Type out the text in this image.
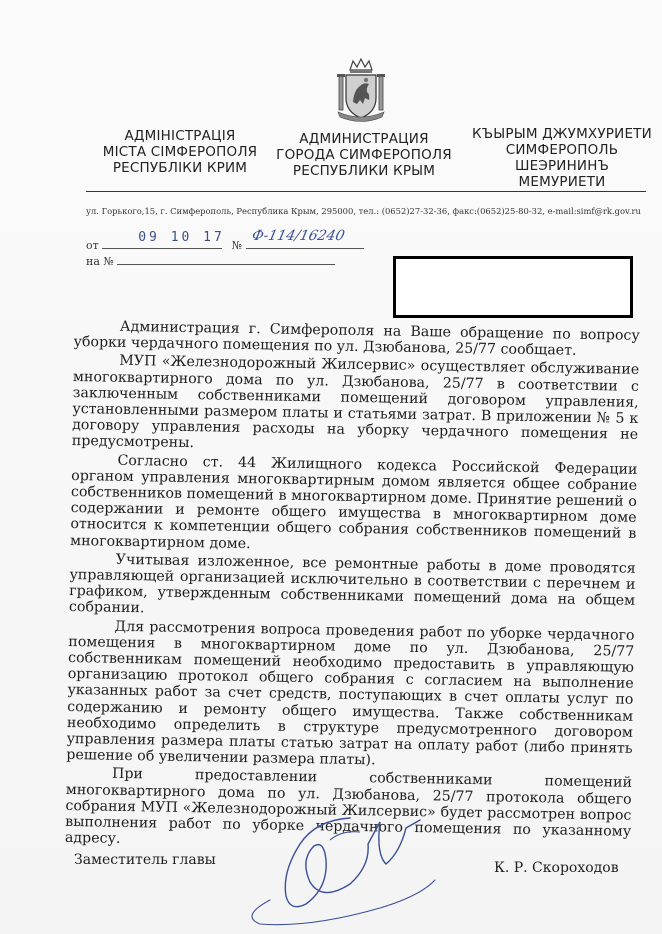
АДМІНІСТРАЦІЯ
МІСТА СІМФЕРОПОЛЯ
РЕСПУБЛІКИ КРИМ
АДМИНИСТРАЦИЯ
ГОРОДА СИМФЕРОПОЛЯ
РЕСПУБЛИКИ КРЫМ
КЪЫРЫМ ДЖУМХУРИЕТИ
СИМФЕРОПОЛЬ
ШЕЭРИНИНЪ
МЕМУРИЕТИ
ул. Горького,15, г. Симферополь, Республика Крым, 295000, тел.: (0652)27-32-36, факс:(0652)25-80-32, e-mail:simf@rk.gov.ru
от
09 10 17
№
Ф-114/16240
на №

Администрация г. Симферополя на Ваше обращение по вопросу уборки чердачного помещения по ул. Дзюбанова, 25/77 сообщает.

МУП «Железнодорожный Жилсервис» осуществляет обслуживание многоквартирного дома по ул. Дзюбанова, 25/77 в соответствии с заключенным собственниками помещений договором управления, установленными размером платы и статьями затрат. В приложении № 5 к договору управления расходы на уборку чердачного помещения не предусмотрены.

Согласно ст. 44 Жилищного кодекса Российской Федерации органом управления многоквартирным домом является общее собрание собственников помещений в многоквартирном доме. Принятие решений о содержании и ремонте общего имущества в многоквартирном доме относится к компетенции общего собрания собственников помещений в многоквартирном доме.

Учитывая изложенное, все ремонтные работы в доме проводятся управляющей организацией исключительно в соответствии с перечнем и графиком, утвержденным собственниками помещений дома на общем собрании.

Для рассмотрения вопроса проведения работ по уборке чердачного помещения в многоквартирном доме по ул. Дзюбанова, 25/77 собственникам помещений необходимо предоставить в управляющую организацию протокол общего собрания с согласием на выполнение указанных работ за счет средств, поступающих в счет оплаты услуг по содержанию и ремонту общего имущества. Также собственникам необходимо определить в структуре предусмотренного договором управления размера платы статью затрат на оплату работ (либо принять решение об увеличении размера платы).

При предоставлении собственниками помещений многоквартирного дома по ул. Дзюбанова, 25/77 протокола общего собрания МУП «Железнодорожный Жилсервис» будет рассмотрен вопрос выполнения работ по уборке чердачного помещения по указанному адресу.

Заместитель главы	К. Р. Скороходов
